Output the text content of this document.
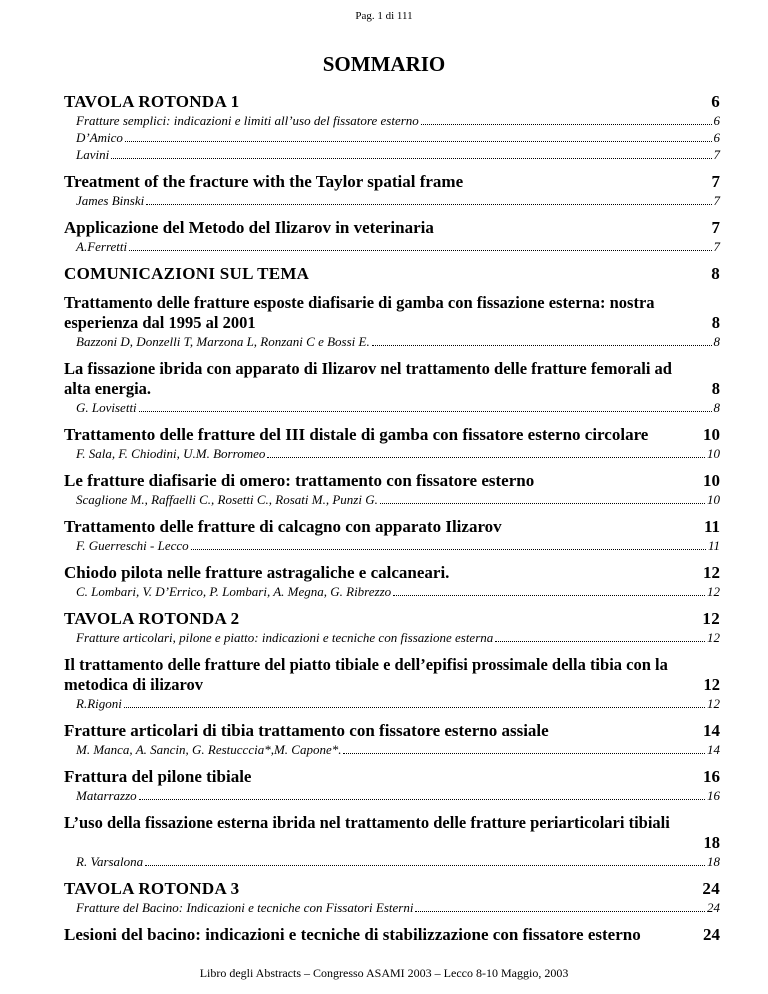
Pag. 1 di 111
SOMMARIO
TAVOLA ROTONDA 1	6
Fratture semplici: indicazioni e limiti all’uso del fissatore esterno	6
D’Amico	6
Lavini	7
Treatment of the fracture with the Taylor spatial frame	7
James Binski	7
Applicazione del Metodo del Ilizarov in veterinaria	7
A.Ferretti	7
COMUNICAZIONI SUL TEMA	8
Trattamento delle fratture esposte diafisarie di gamba con fissazione esterna: nostra
esperienza dal 1995 al 2001	8
Bazzoni D, Donzelli T, Marzona L, Ronzani C e Bossi E.	8
La fissazione ibrida con apparato di Ilizarov nel trattamento delle fratture femorali ad
alta energia.	8
G. Lovisetti	8
Trattamento delle fratture del III distale di gamba con fissatore esterno circolare	10
F. Sala, F. Chiodini, U.M. Borromeo	10
Le fratture diafisarie di omero: trattamento con fissatore esterno	10
Scaglione M., Raffaelli C., Rosetti C., Rosati M., Punzi G.	10
Trattamento delle fratture di calcagno con apparato Ilizarov	11
F. Guerreschi - Lecco	11
Chiodo pilota nelle fratture astragaliche e calcaneari.	12
C. Lombari, V. D’Errico, P. Lombari, A. Megna, G. Ribrezzo	12
TAVOLA ROTONDA 2	12
Fratture articolari, pilone e piatto: indicazioni e tecniche con fissazione esterna	12
Il trattamento delle fratture del piatto tibiale e dell’epifisi prossimale della tibia con la
metodica di ilizarov	12
R.Rigoni	12
Fratture articolari di tibia trattamento con fissatore esterno assiale	14
M. Manca, A. Sancin, G. Restucccia*,M. Capone*.	14
Frattura del pilone tibiale	16
Matarrazzo	16
L’uso della fissazione esterna ibrida nel trattamento delle fratture periarticolari tibiali
18
R. Varsalona	18
TAVOLA ROTONDA 3	24
Fratture del Bacino: Indicazioni e tecniche con Fissatori Esterni	24
Lesioni del bacino: indicazioni e tecniche di stabilizzazione con fissatore esterno	24
Libro degli Abstracts – Congresso ASAMI 2003 – Lecco 8-10 Maggio, 2003
